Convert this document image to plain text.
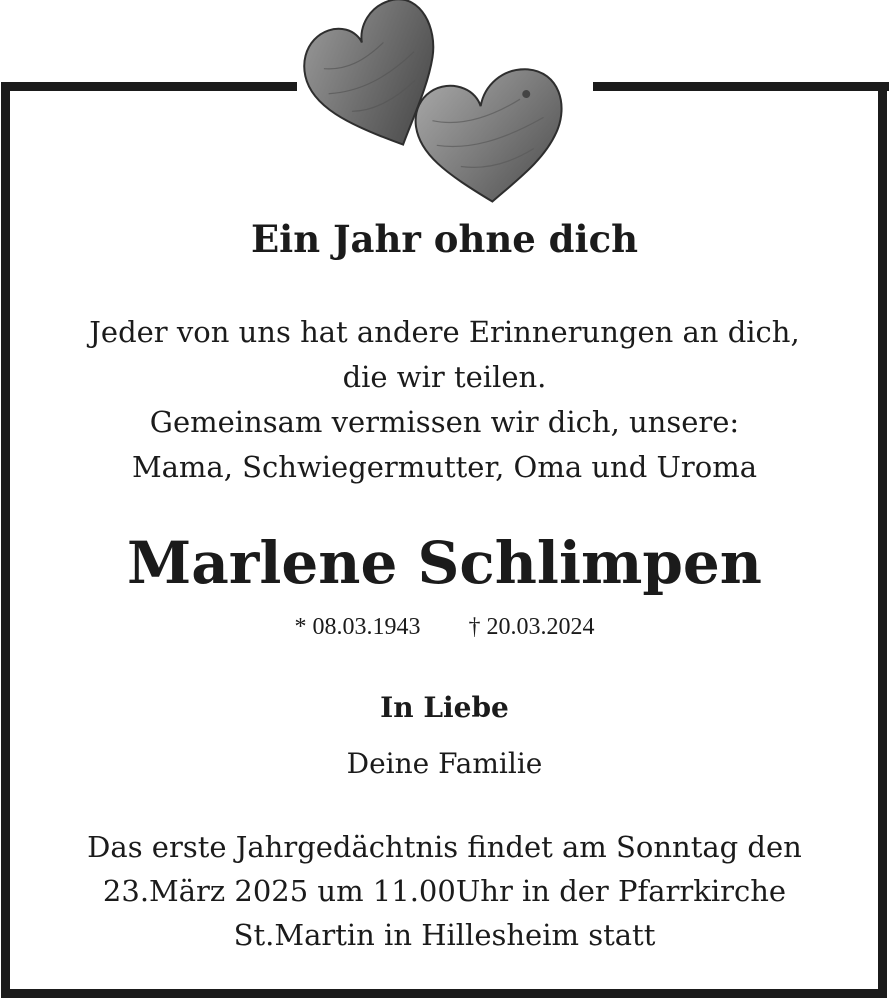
Ein Jahr ohne dich
Jeder von uns hat andere Erinnerungen an dich,
die wir teilen.
Gemeinsam vermissen wir dich, unsere:
Mama, Schwiegermutter, Oma und Uroma
Marlene Schlimpen
* 08.03.1943 † 20.03.2024
In Liebe
Deine Familie
Das erste Jahrgedächtnis findet am Sonntag den
23.März 2025 um 11.00Uhr in der Pfarrkirche
St.Martin in Hillesheim statt
